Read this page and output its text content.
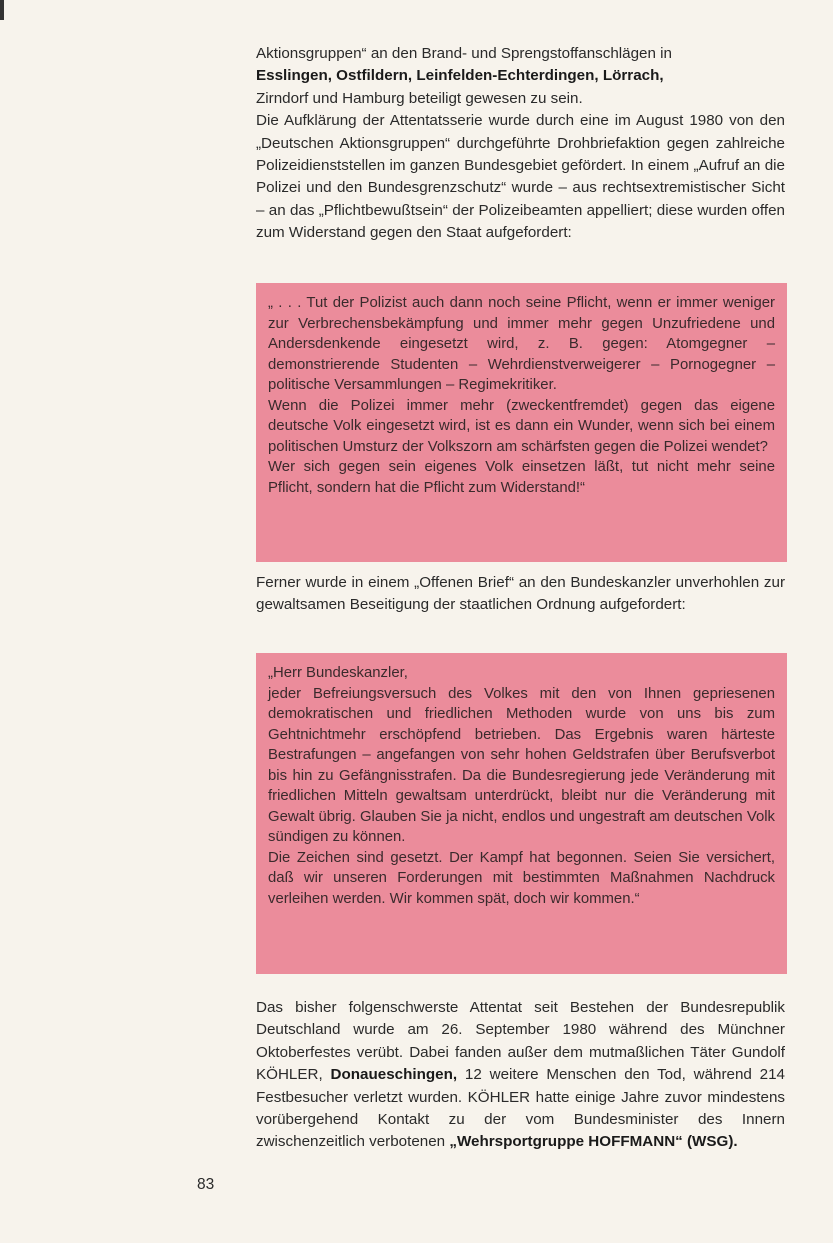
Aktionsgruppen“ an den Brand- und Sprengstoffanschlägen in
Esslingen, Ostfildern, Leinfelden-Echterdingen, Lörrach,
Zirndorf und Hamburg beteiligt gewesen zu sein.

Die Aufklärung der Attentatsserie wurde durch eine im August 1980 von den „Deutschen Aktionsgruppen“ durchgeführte Drohbriefaktion gegen zahlreiche Polizeidienststellen im ganzen Bundesgebiet gefördert. In einem „Aufruf an die Polizei und den Bundesgrenzschutz“ wurde – aus rechtsextremistischer Sicht – an das „Pflichtbewußtsein“ der Polizeibeamten appelliert; diese wurden offen zum Widerstand gegen den Staat aufgefordert:

„ . . . Tut der Polizist auch dann noch seine Pflicht, wenn er immer weniger zur Verbrechensbekämpfung und immer mehr gegen Unzufriedene und Andersdenkende eingesetzt wird, z. B. gegen: Atomgegner – demonstrierende Studenten – Wehrdienstverweigerer – Pornogegner – politische Versammlungen – Regimekritiker.

Wenn die Polizei immer mehr (zweckentfremdet) gegen das eigene deutsche Volk eingesetzt wird, ist es dann ein Wunder, wenn sich bei einem politischen Umsturz der Volkszorn am schärfsten gegen die Polizei wendet?

Wer sich gegen sein eigenes Volk einsetzen läßt, tut nicht mehr seine Pflicht, sondern hat die Pflicht zum Widerstand!“

Ferner wurde in einem „Offenen Brief“ an den Bundeskanzler unverhohlen zur gewaltsamen Beseitigung der staatlichen Ordnung aufgefordert:

„Herr Bundeskanzler,

jeder Befreiungsversuch des Volkes mit den von Ihnen gepriesenen demokratischen und friedlichen Methoden wurde von uns bis zum Gehtnichtmehr erschöpfend betrieben. Das Ergebnis waren härteste Bestrafungen – angefangen von sehr hohen Geldstrafen über Berufsverbot bis hin zu Gefängnisstrafen. Da die Bundesregierung jede Veränderung mit friedlichen Mitteln gewaltsam unterdrückt, bleibt nur die Veränderung mit Gewalt übrig. Glauben Sie ja nicht, endlos und ungestraft am deutschen Volk sündigen zu können.

Die Zeichen sind gesetzt. Der Kampf hat begonnen. Seien Sie versichert, daß wir unseren Forderungen mit bestimmten Maßnahmen Nachdruck verleihen werden. Wir kommen spät, doch wir kommen.“

Das bisher folgenschwerste Attentat seit Bestehen der Bundesrepublik Deutschland wurde am 26. September 1980 während des Münchner Oktoberfestes verübt. Dabei fanden außer dem mutmaßlichen Täter Gundolf KÖHLER, Donaueschingen, 12 weitere Menschen den Tod, während 214 Festbesucher verletzt wurden. KÖHLER hatte einige Jahre zuvor mindestens vorübergehend Kontakt zu der vom Bundesminister des Innern zwischenzeitlich verbotenen „Wehrsportgruppe HOFFMANN“ (WSG).

83
